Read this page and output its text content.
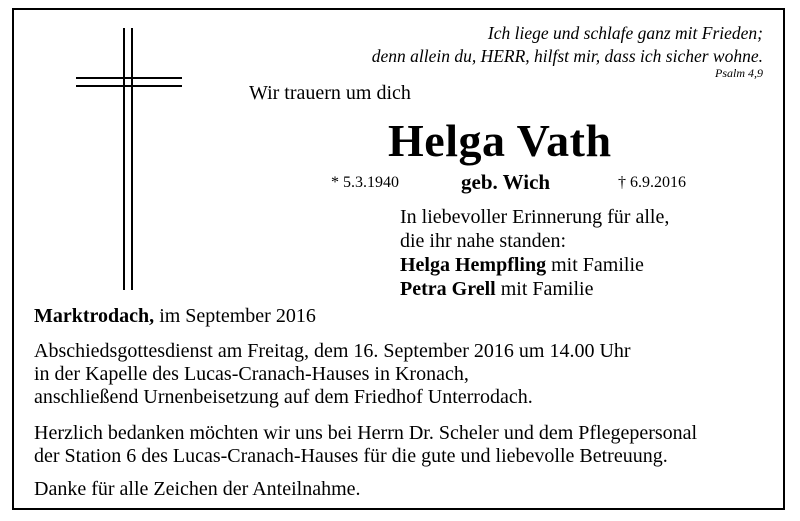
Ich liege und schlafe ganz mit Frieden;
denn allein du, HERR, hilfst mir, dass ich sicher wohne.
Psalm 4,9
Wir trauern um dich
Helga Vath
* 5.3.1940	geb. Wich	† 6.9.2016
In liebevoller Erinnerung für alle,
die ihr nahe standen:
Helga Hempfling mit Familie
Petra Grell mit Familie
Marktrodach, im September 2016
Abschiedsgottesdienst am Freitag, dem 16. September 2016 um 14.00 Uhr
in der Kapelle des Lucas-Cranach-Hauses in Kronach,
anschließend Urnenbeisetzung auf dem Friedhof Unterrodach.
Herzlich bedanken möchten wir uns bei Herrn Dr. Scheler und dem Pflegepersonal
der Station 6 des Lucas-Cranach-Hauses für die gute und liebevolle Betreuung.
Danke für alle Zeichen der Anteilnahme.
